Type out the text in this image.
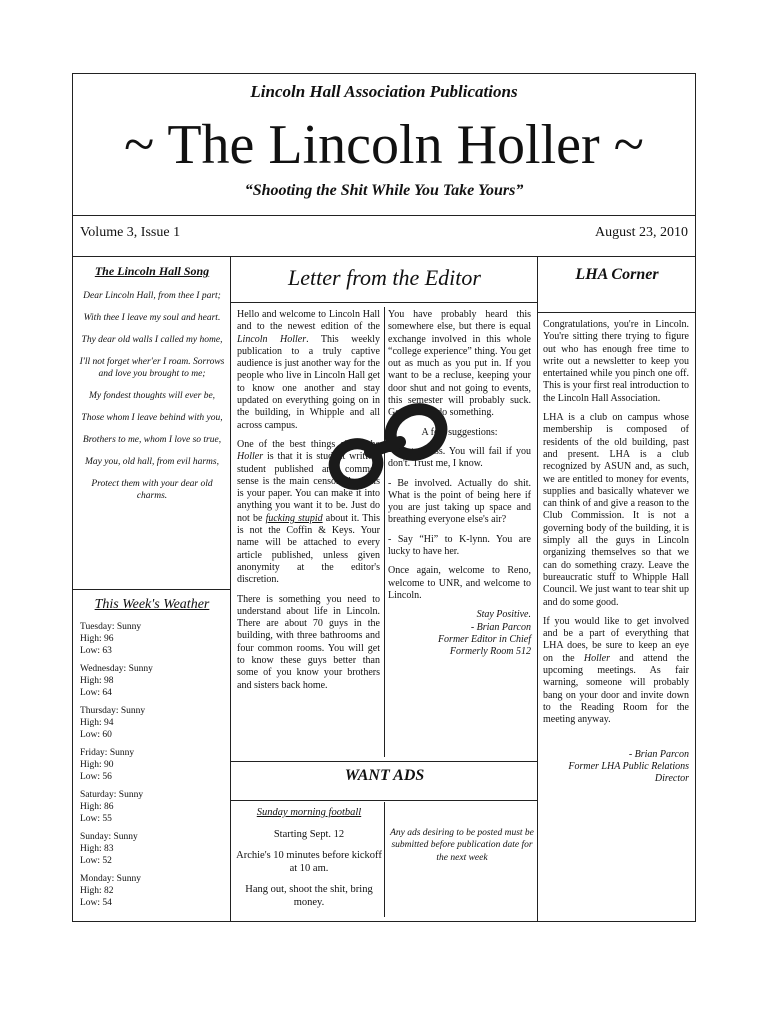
Lincoln Hall Association Publications
~ The Lincoln Holler ~
“Shooting the Shit While You Take Yours”
Volume 3, Issue 1	August 23, 2010
The Lincoln Hall Song

Dear Lincoln Hall, from thee I part;

With thee I leave my soul and heart.

Thy dear old walls I called my home,

I'll not forget wher'er I roam. Sorrows and love you brought to me;

My fondest thoughts will ever be,

Those whom I leave behind with you,

Brothers to me, whom I love so true,

May you, old hall, from evil harms,

Protect them with your dear old charms.

This Week's Weather
Tuesday: Sunny
High: 96
Low: 63
Wednesday: Sunny
High: 98
Low: 64
Thursday: Sunny
High: 94
Low: 60
Friday: Sunny
High: 90
Low: 56
Saturday: Sunny
High: 86
Low: 55
Sunday: Sunny
High: 83
Low: 52
Monday: Sunny
High: 82
Low: 54
Letter from the Editor

Hello and welcome to Lincoln Hall and to the newest edition of the Lincoln Holler. This weekly publication to a truly captive audience is just another way for the people who live in Lincoln Hall get to know one another and stay updated on everything going on in the building, in Whipple and all across campus.

One of the best things about the Holler is that it is student written, student published and common sense is the main censorship. This is your paper. You can make it into anything you want it to be. Just do not be fucking stupid about it. This is not the Coffin & Keys. Your name will be attached to every article published, unless given anonymity at the editor's discretion.

There is something you need to understand about life in Lincoln. There are about 70 guys in the building, with three bathrooms and four common rooms. You will get to know these guys better than some of you know your brothers and sisters back home.

You have probably heard this somewhere else, but there is equal exchange involved in this whole “college experience” thing. You get out as much as you put in. If you want to be a recluse, keeping your door shut and not going to events, this semester will probably suck. Get out and do something.

A few suggestions:

- Go to class. You will fail if you don't. Trust me, I know.

- Be involved. Actually do shit. What is the point of being here if you are just taking up space and breathing everyone else's air?

- Say “Hi” to K-lynn. You are lucky to have her.

Once again, welcome to Reno, welcome to UNR, and welcome to Lincoln.

Stay Positive.
- Brian Parcon
Former Editor in Chief
Formerly Room 512
WANT ADS
Sunday morning football

Starting Sept. 12

Archie's 10 minutes before kickoff at 10 am.

Hang out, shoot the shit, bring money.

Any ads desiring to be posted must be submitted before publication date for the next week
LHA Corner

Congratulations, you're in Lincoln. You're sitting there trying to figure out who has enough free time to write out a newsletter to keep you entertained while you pinch one off. This is your first real introduction to the Lincoln Hall Association.

LHA is a club on campus whose membership is composed of residents of the old building, past and present. LHA is a club recognized by ASUN and, as such, we are entitled to money for events, supplies and basically whatever we can think of and give a reason to the Club Commission. It is not a governing body of the building, it is simply all the guys in Lincoln organizing themselves so that we can do something crazy. Leave the bureaucratic stuff to Whipple Hall Council. We just want to tear shit up and do some good.

If you would like to get involved and be a part of everything that LHA does, be sure to keep an eye on the Holler and attend the upcoming meetings. As fair warning, someone will probably bang on your door and invite down to the Reading Room for the meeting anyway.

- Brian Parcon
Former LHA Public Relations Director
